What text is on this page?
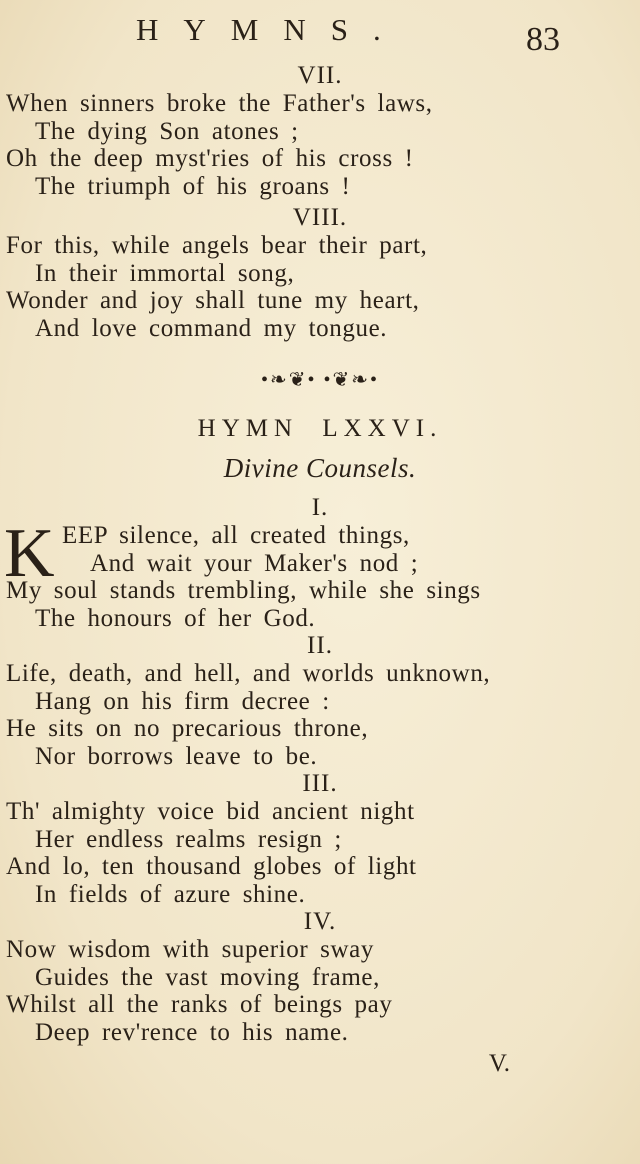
HYMNS.	83
VII.
When sinners broke the Father's laws,
The dying Son atones ;
Oh the deep myst'ries of his cross !
The triumph of his groans !
VIII.
For this, while angels bear their part,
In their immortal song,
Wonder and joy shall tune my heart,
And love command my tongue.
•❧❦• •❦❧•
HYMN LXXVI.
Divine Counsels.
I.
K EEP silence, all created things,
And wait your Maker's nod ;
My soul stands trembling, while she sings
The honours of her God.
II.
Life, death, and hell, and worlds unknown,
Hang on his firm decree :
He sits on no precarious throne,
Nor borrows leave to be.
III.
Th' almighty voice bid ancient night
Her endless realms resign ;
And lo, ten thousand globes of light
In fields of azure shine.
IV.
Now wisdom with superior sway
Guides the vast moving frame,
Whilst all the ranks of beings pay
Deep rev'rence to his name.
V.
